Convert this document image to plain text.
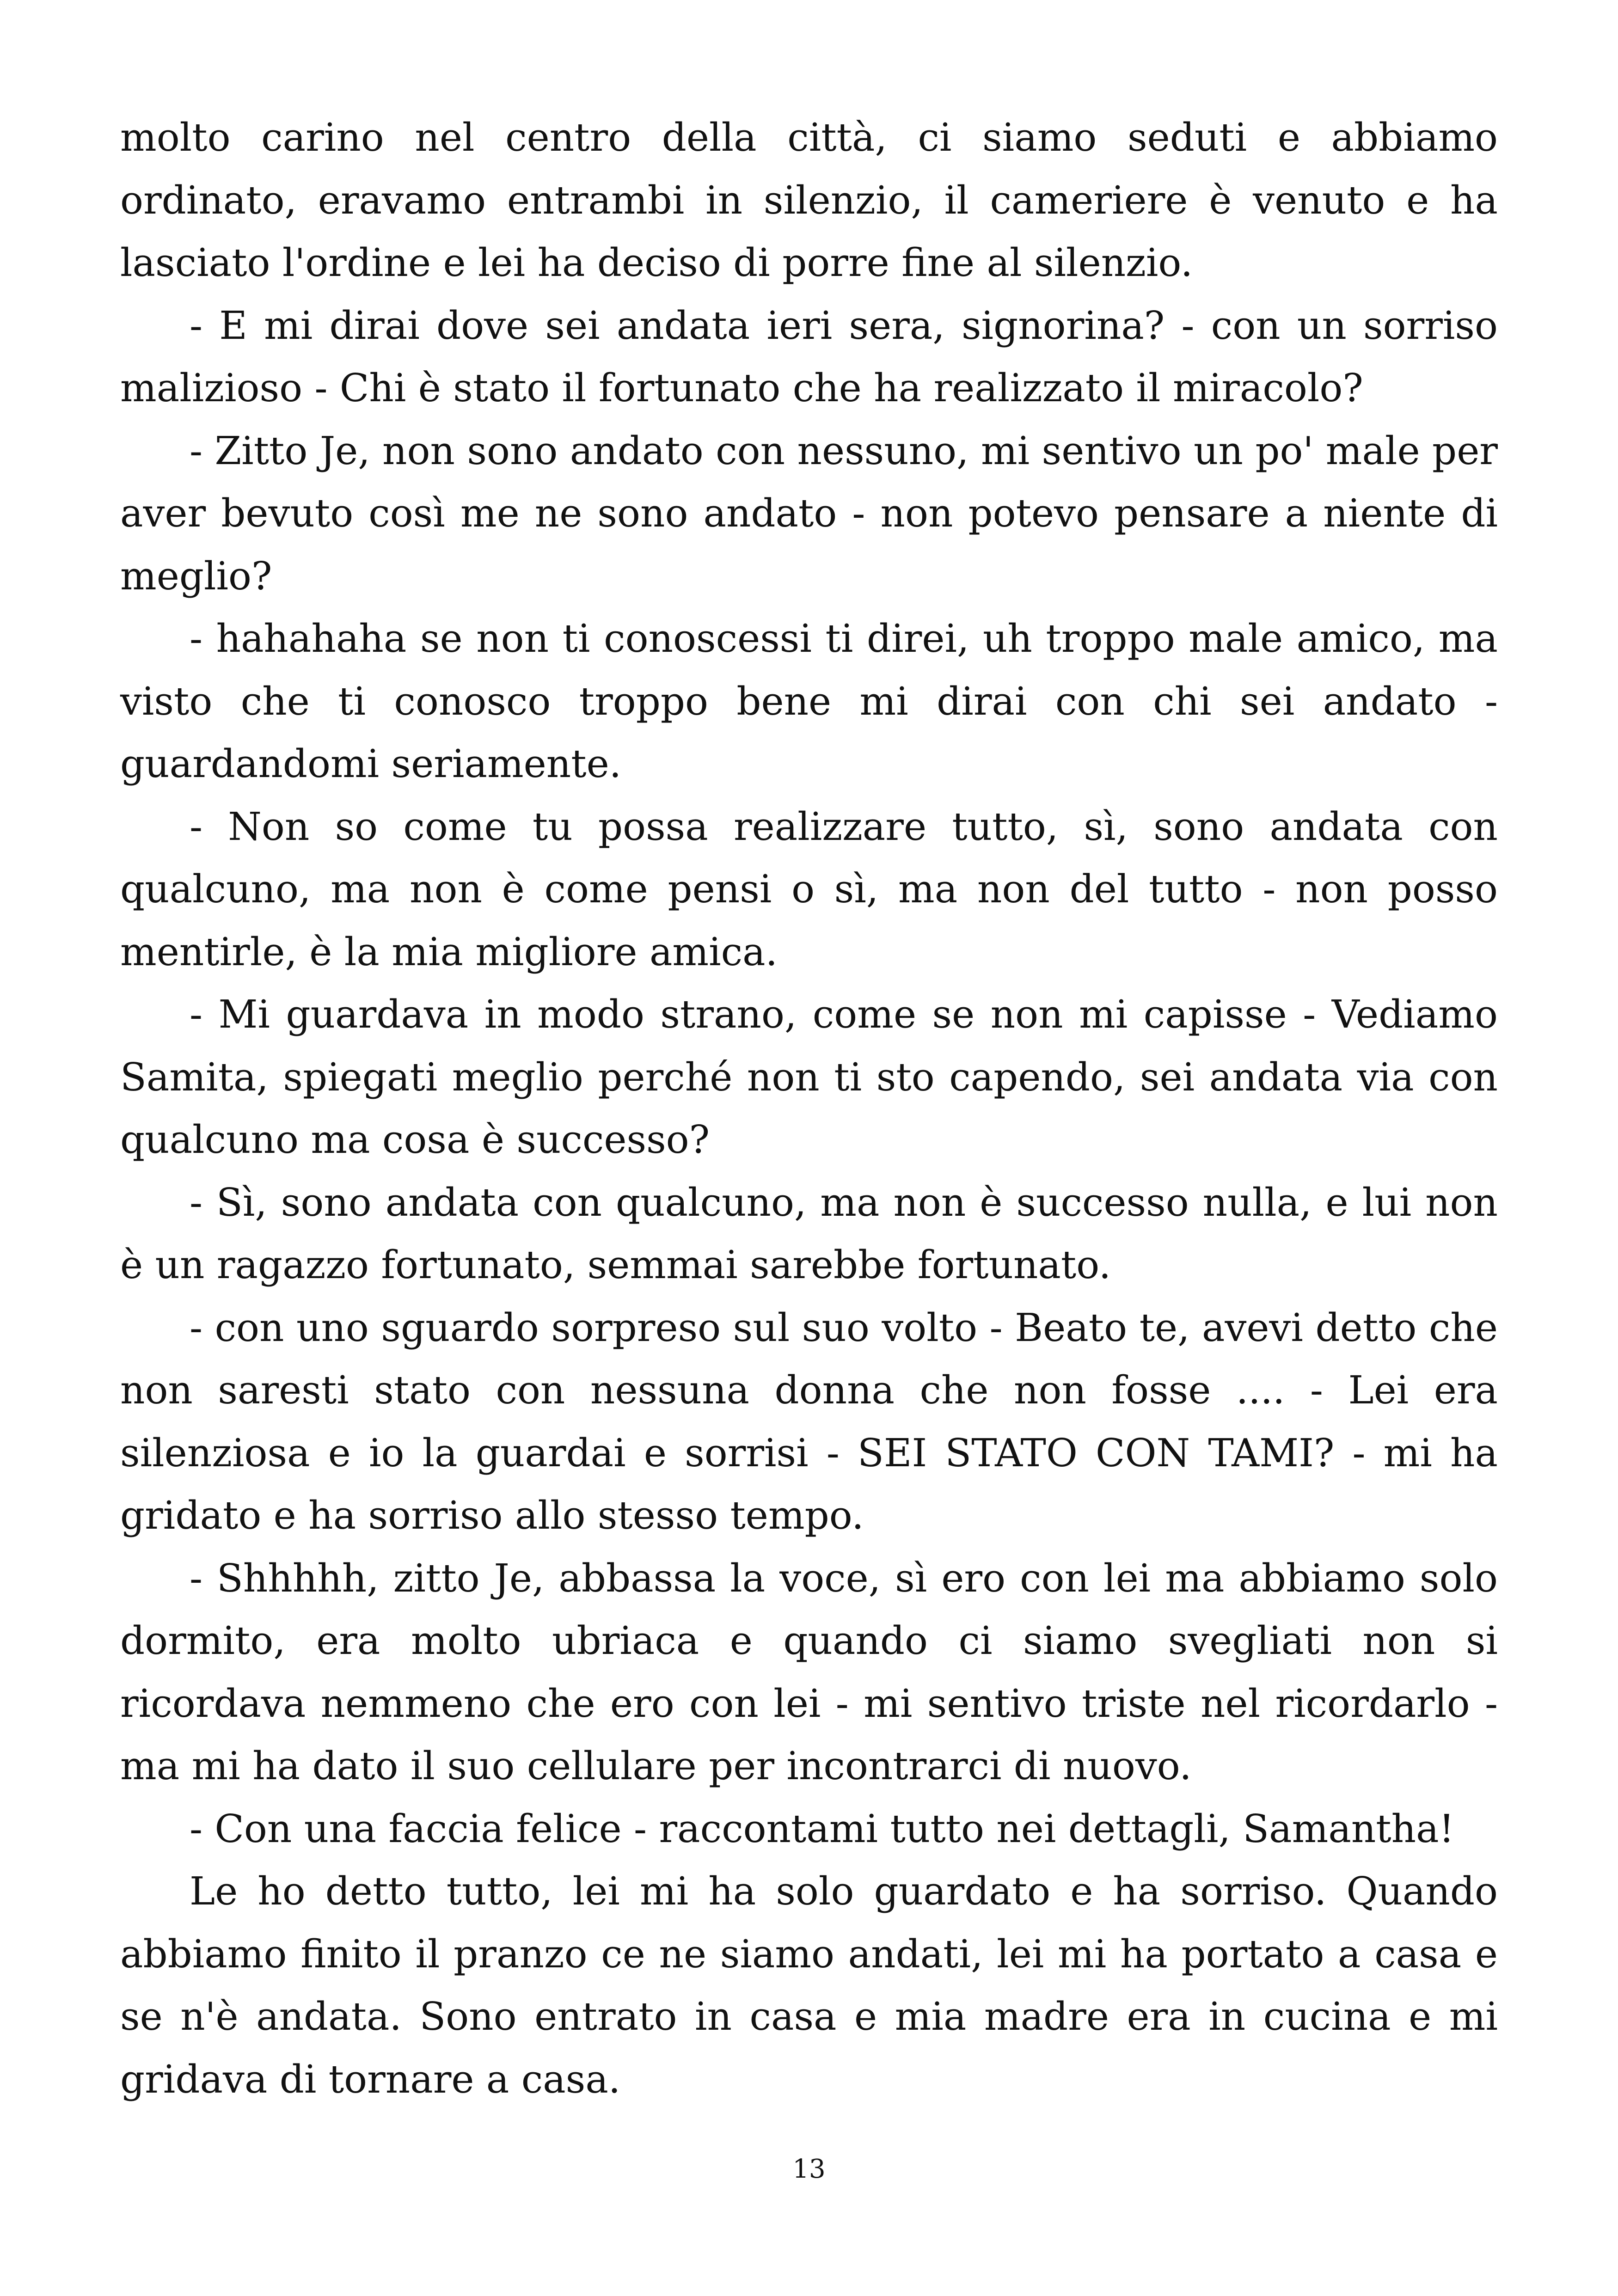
molto carino nel centro della città, ci siamo seduti e abbiamo ordinato, eravamo entrambi in silenzio, il cameriere è venuto e ha lasciato l'ordine e lei ha deciso di porre fine al silenzio.

- E mi dirai dove sei andata ieri sera, signorina? - con un sorriso malizioso - Chi è stato il fortunato che ha realizzato il miracolo?

- Zitto Je, non sono andato con nessuno, mi sentivo un po' male per aver bevuto così me ne sono andato - non potevo pensare a niente di meglio?

- hahahaha se non ti conoscessi ti direi, uh troppo male amico, ma visto che ti conosco troppo bene mi dirai con chi sei andato - guardandomi seriamente.

- Non so come tu possa realizzare tutto, sì, sono andata con qualcuno, ma non è come pensi o sì, ma non del tutto - non posso mentirle, è la mia migliore amica.

- Mi guardava in modo strano, come se non mi capisse - Vediamo Samita, spiegati meglio perché non ti sto capendo, sei andata via con qualcuno ma cosa è successo?

- Sì, sono andata con qualcuno, ma non è successo nulla, e lui non è un ragazzo fortunato, semmai sarebbe fortunato.

- con uno sguardo sorpreso sul suo volto - Beato te, avevi detto che non saresti stato con nessuna donna che non fosse .... - Lei era silenziosa e io la guardai e sorrisi - SEI STATO CON TAMI? - mi ha gridato e ha sorriso allo stesso tempo.

- Shhhhh, zitto Je, abbassa la voce, sì ero con lei ma abbiamo solo dormito, era molto ubriaca e quando ci siamo svegliati non si ricordava nemmeno che ero con lei - mi sentivo triste nel ricordarlo - ma mi ha dato il suo cellulare per incontrarci di nuovo.

- Con una faccia felice - raccontami tutto nei dettagli, Samantha!

Le ho detto tutto, lei mi ha solo guardato e ha sorriso. Quando abbiamo finito il pranzo ce ne siamo andati, lei mi ha portato a casa e se n'è andata. Sono entrato in casa e mia madre era in cucina e mi gridava di tornare a casa.

13
